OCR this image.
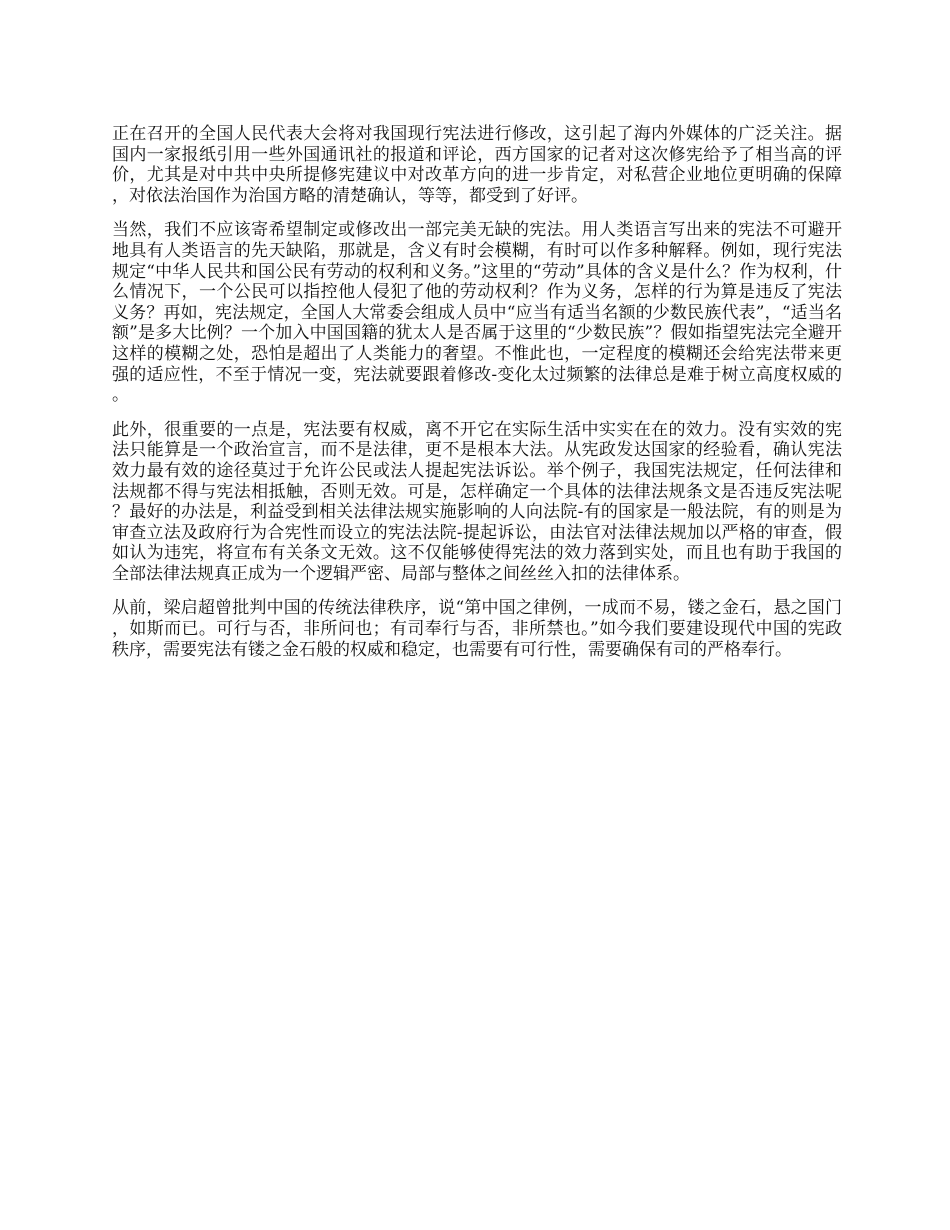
正在召开的全国人民代表大会将对我国现行宪法进行修改，这引起了海内外媒体的广泛关注。据国内一家报纸引用一些外国通讯社的报道和评论，西方国家的记者对这次修宪给予了相当高的评价，尤其是对中共中央所提修宪建议中对改革方向的进一步肯定，对私营企业地位更明确的保障，对依法治国作为治国方略的清楚确认，等等，都受到了好评。

当然，我们不应该寄希望制定或修改出一部完美无缺的宪法。用人类语言写出来的宪法不可避开地具有人类语言的先天缺陷，那就是，含义有时会模糊，有时可以作多种解释。例如，现行宪法规定“中华人民共和国公民有劳动的权利和义务。”这里的“劳动”具体的含义是什么？作为权利，什么情况下，一个公民可以指控他人侵犯了他的劳动权利？作为义务，怎样的行为算是违反了宪法义务？再如，宪法规定，全国人大常委会组成人员中“应当有适当名额的少数民族代表”，“适当名额”是多大比例？一个加入中国国籍的犹太人是否属于这里的“少数民族”？假如指望宪法完全避开这样的模糊之处，恐怕是超出了人类能力的奢望。不惟此也，一定程度的模糊还会给宪法带来更强的适应性，不至于情况一变，宪法就要跟着修改-变化太过频繁的法律总是难于树立高度权威的。

此外，很重要的一点是，宪法要有权威，离不开它在实际生活中实实在在的效力。没有实效的宪法只能算是一个政治宣言，而不是法律，更不是根本大法。从宪政发达国家的经验看，确认宪法效力最有效的途径莫过于允许公民或法人提起宪法诉讼。举个例子，我国宪法规定，任何法律和法规都不得与宪法相抵触，否则无效。可是，怎样确定一个具体的法律法规条文是否违反宪法呢？最好的办法是，利益受到相关法律法规实施影响的人向法院-有的国家是一般法院，有的则是为审查立法及政府行为合宪性而设立的宪法法院-提起诉讼，由法官对法律法规加以严格的审查，假如认为违宪，将宣布有关条文无效。这不仅能够使得宪法的效力落到实处，而且也有助于我国的全部法律法规真正成为一个逻辑严密、局部与整体之间丝丝入扣的法律体系。

从前，梁启超曾批判中国的传统法律秩序，说“第中国之律例，一成而不易，镂之金石，悬之国门，如斯而已。可行与否，非所问也；有司奉行与否，非所禁也。”如今我们要建设现代中国的宪政秩序，需要宪法有镂之金石般的权威和稳定，也需要有可行性，需要确保有司的严格奉行。
